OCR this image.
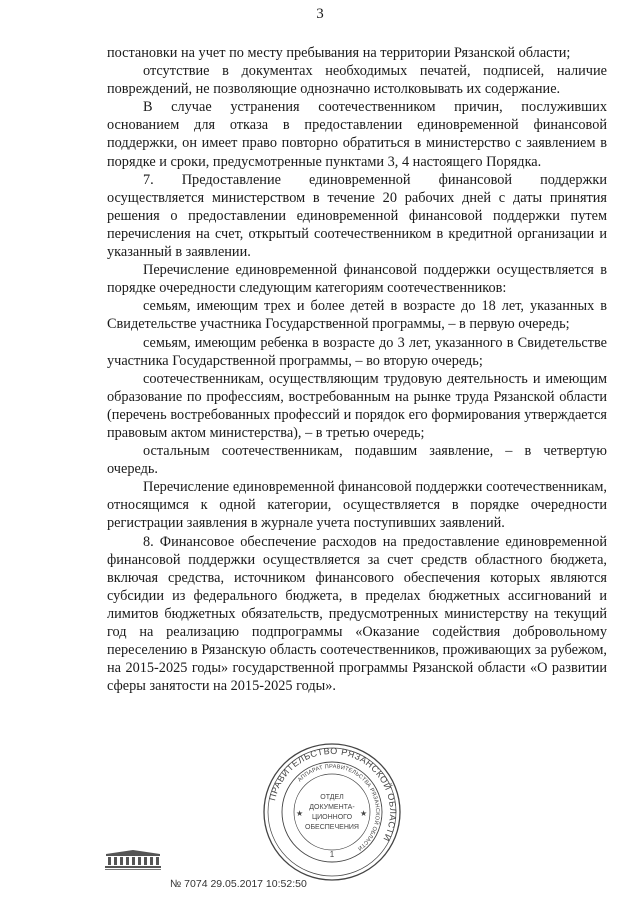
3

постановки на учет по месту пребывания на территории Рязанской области;

отсутствие в документах необходимых печатей, подписей, наличие повреждений, не позволяющие однозначно истолковывать их содержание.

В случае устранения соотечественником причин, послуживших основанием для отказа в предоставлении единовременной финансовой поддержки, он имеет право повторно обратиться в министерство с заявлением в порядке и сроки, предусмотренные пунктами 3, 4 настоящего Порядка.

7. Предоставление единовременной финансовой поддержки осуществляется министерством в течение 20 рабочих дней с даты принятия решения о предоставлении единовременной финансовой поддержки путем перечисления на счет, открытый соотечественником в кредитной организации и указанный в заявлении.

Перечисление единовременной финансовой поддержки осуществляется в порядке очередности следующим категориям соотечественников:

семьям, имеющим трех и более детей в возрасте до 18 лет, указанных в Свидетельстве участника Государственной программы, – в первую очередь;

семьям, имеющим ребенка в возрасте до 3 лет, указанного в Свидетельстве участника Государственной программы, – во вторую очередь;

соотечественникам, осуществляющим трудовую деятельность и имеющим образование по профессиям, востребованным на рынке труда Рязанской области (перечень востребованных профессий и порядок его формирования утверждается правовым актом министерства), – в третью очередь;

остальным соотечественникам, подавшим заявление, – в четвертую очередь.

Перечисление единовременной финансовой поддержки соотечественникам, относящимся к одной категории, осуществляется в порядке очередности регистрации заявления в журнале учета поступивших заявлений.

8. Финансовое обеспечение расходов на предоставление единовременной финансовой поддержки осуществляется за счет средств областного бюджета, включая средства, источником финансового обеспечения которых являются субсидии из федерального бюджета, в пределах бюджетных ассигнований и лимитов бюджетных обязательств, предусмотренных министерству на текущий год на реализацию подпрограммы «Оказание содействия добровольному переселению в Рязанскую область соотечественников, проживающих за рубежом, на 2015-2025 годы» государственной программы Рязанской области «О развитии сферы занятости на 2015-2025 годы».

ПРАВИТЕЛЬСТВО РЯЗАНСКОЙ ОБЛАСТИ
АППАРАТ ПРАВИТЕЛЬСТВА РЯЗАНСКОЙ ОБЛАСТИ
ОТДЕЛ
ДОКУМЕНТА-
ЦИОННОГО
ОБЕСПЕЧЕНИЯ
1
★	★
№ 7074 29.05.2017 10:52:50
